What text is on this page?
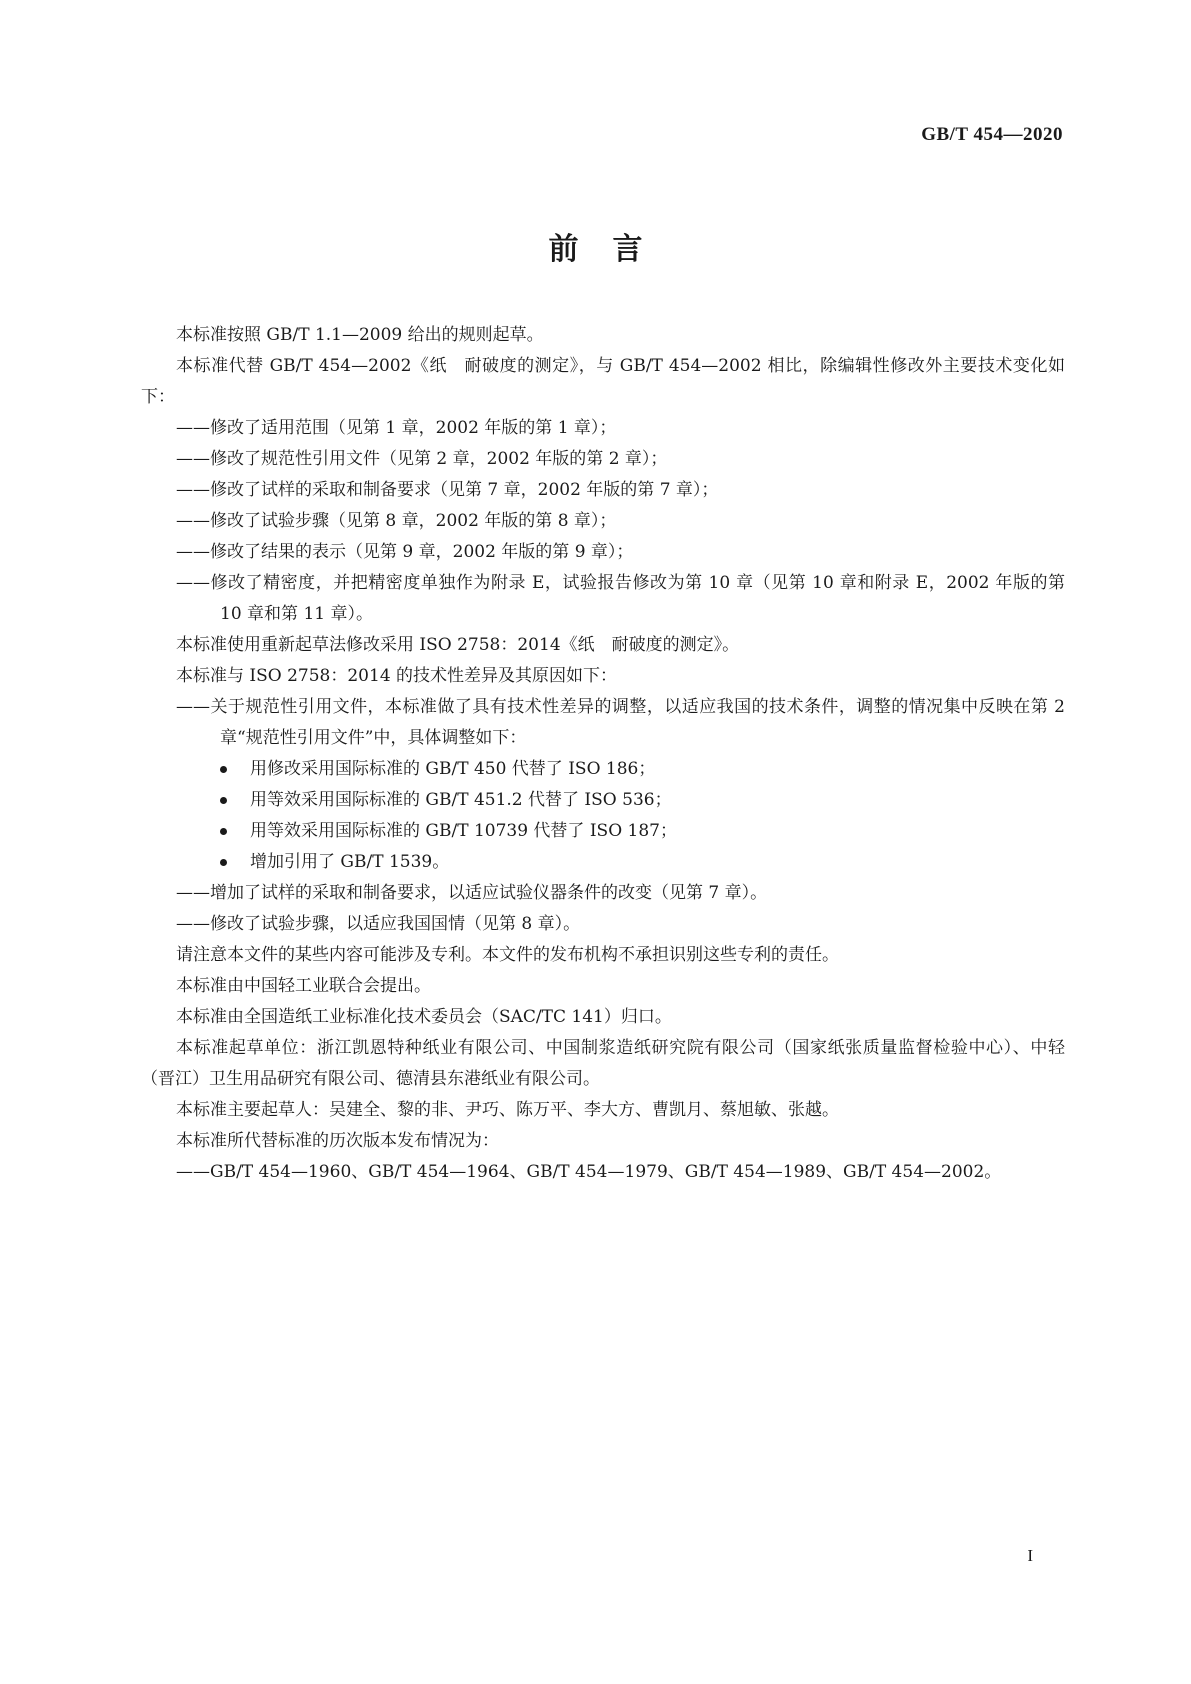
GB/T 454—2020
前言

本标准按照 GB/T 1.1—2009 给出的规则起草。

本标准代替 GB/T 454—2002《纸　耐破度的测定》，与 GB/T 454—2002 相比，除编辑性修改外主要技术变化如下：

——修改了适用范围（见第 1 章，2002 年版的第 1 章）；

——修改了规范性引用文件（见第 2 章，2002 年版的第 2 章）；

——修改了试样的采取和制备要求（见第 7 章，2002 年版的第 7 章）；

——修改了试验步骤（见第 8 章，2002 年版的第 8 章）；

——修改了结果的表示（见第 9 章，2002 年版的第 9 章）；

——修改了精密度，并把精密度单独作为附录 E，试验报告修改为第 10 章（见第 10 章和附录 E，2002 年版的第 10 章和第 11 章）。

本标准使用重新起草法修改采用 ISO 2758：2014《纸　耐破度的测定》。

本标准与 ISO 2758：2014 的技术性差异及其原因如下：

——关于规范性引用文件，本标准做了具有技术性差异的调整，以适应我国的技术条件，调整的情况集中反映在第 2 章“规范性引用文件”中，具体调整如下：

用修改采用国际标准的 GB/T 450 代替了 ISO 186；

用等效采用国际标准的 GB/T 451.2 代替了 ISO 536；

用等效采用国际标准的 GB/T 10739 代替了 ISO 187；

增加引用了 GB/T 1539。

——增加了试样的采取和制备要求，以适应试验仪器条件的改变（见第 7 章）。

——修改了试验步骤，以适应我国国情（见第 8 章）。

请注意本文件的某些内容可能涉及专利。本文件的发布机构不承担识别这些专利的责任。

本标准由中国轻工业联合会提出。

本标准由全国造纸工业标准化技术委员会（SAC/TC 141）归口。

本标准起草单位：浙江凯恩特种纸业有限公司、中国制浆造纸研究院有限公司（国家纸张质量监督检验中心）、中轻（晋江）卫生用品研究有限公司、德清县东港纸业有限公司。

本标准主要起草人：吴建全、黎的非、尹巧、陈万平、李大方、曹凯月、蔡旭敏、张越。

本标准所代替标准的历次版本发布情况为：

——GB/T 454—1960、GB/T 454—1964、GB/T 454—1979、GB/T 454—1989、GB/T 454—2002。

I
